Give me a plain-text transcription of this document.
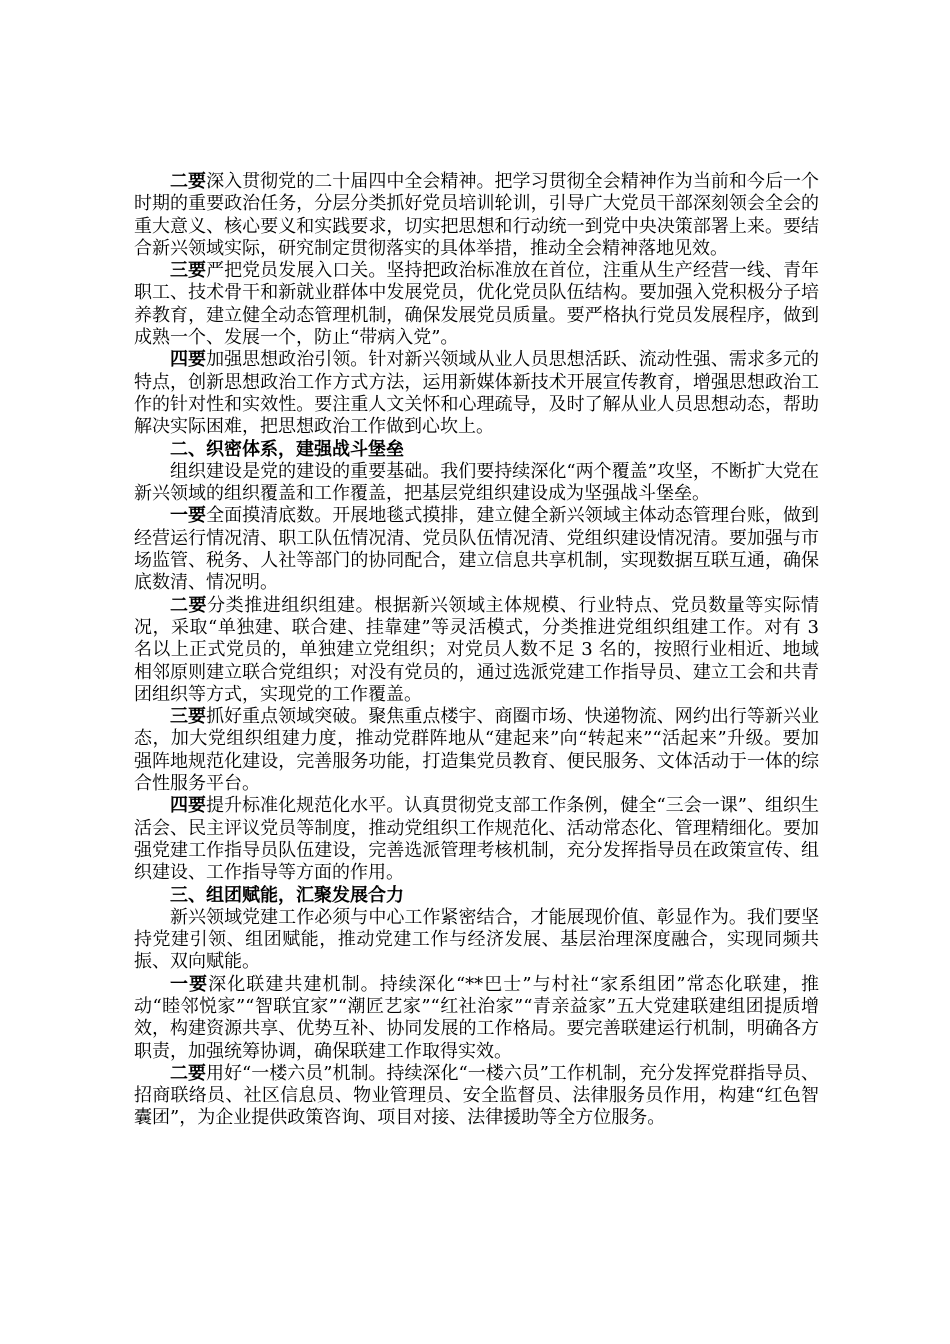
二要深入贯彻党的二十届四中全会精神。把学习贯彻全会精神作为当前和今后一个时期的重要政治任务，分层分类抓好党员培训轮训，引导广大党员干部深刻领会全会的重大意义、核心要义和实践要求，切实把思想和行动统一到党中央决策部署上来。要结合新兴领域实际，研究制定贯彻落实的具体举措，推动全会精神落地见效。

三要严把党员发展入口关。坚持把政治标准放在首位，注重从生产经营一线、青年职工、技术骨干和新就业群体中发展党员，优化党员队伍结构。要加强入党积极分子培养教育，建立健全动态管理机制，确保发展党员质量。要严格执行党员发展程序，做到成熟一个、发展一个，防止“带病入党”。

四要加强思想政治引领。针对新兴领域从业人员思想活跃、流动性强、需求多元的特点，创新思想政治工作方式方法，运用新媒体新技术开展宣传教育，增强思想政治工作的针对性和实效性。要注重人文关怀和心理疏导，及时了解从业人员思想动态，帮助解决实际困难，把思想政治工作做到心坎上。

二、织密体系，建强战斗堡垒

组织建设是党的建设的重要基础。我们要持续深化“两个覆盖”攻坚，不断扩大党在新兴领域的组织覆盖和工作覆盖，把基层党组织建设成为坚强战斗堡垒。

一要全面摸清底数。开展地毯式摸排，建立健全新兴领域主体动态管理台账，做到经营运行情况清、职工队伍情况清、党员队伍情况清、党组织建设情况清。要加强与市场监管、税务、人社等部门的协同配合，建立信息共享机制，实现数据互联互通，确保底数清、情况明。

二要分类推进组织组建。根据新兴领域主体规模、行业特点、党员数量等实际情况，采取“单独建、联合建、挂靠建”等灵活模式，分类推进党组织组建工作。对有 3 名以上正式党员的，单独建立党组织；对党员人数不足 3 名的，按照行业相近、地域相邻原则建立联合党组织；对没有党员的，通过选派党建工作指导员、建立工会和共青团组织等方式，实现党的工作覆盖。

三要抓好重点领域突破。聚焦重点楼宇、商圈市场、快递物流、网约出行等新兴业态，加大党组织组建力度，推动党群阵地从“建起来”向“转起来”“活起来”升级。要加强阵地规范化建设，完善服务功能，打造集党员教育、便民服务、文体活动于一体的综合性服务平台。

四要提升标准化规范化水平。认真贯彻党支部工作条例，健全“三会一课”、组织生活会、民主评议党员等制度，推动党组织工作规范化、活动常态化、管理精细化。要加强党建工作指导员队伍建设，完善选派管理考核机制，充分发挥指导员在政策宣传、组织建设、工作指导等方面的作用。

三、组团赋能，汇聚发展合力

新兴领域党建工作必须与中心工作紧密结合，才能展现价值、彰显作为。我们要坚持党建引领、组团赋能，推动党建工作与经济发展、基层治理深度融合，实现同频共振、双向赋能。

一要深化联建共建机制。持续深化“**巴士”与村社“家系组团”常态化联建，推动“睦邻悦家”“智联宜家”“潮匠艺家”“红社治家”“青亲益家”五大党建联建组团提质增效，构建资源共享、优势互补、协同发展的工作格局。要完善联建运行机制，明确各方职责，加强统筹协调，确保联建工作取得实效。

二要用好“一楼六员”机制。持续深化“一楼六员”工作机制，充分发挥党群指导员、招商联络员、社区信息员、物业管理员、安全监督员、法律服务员作用，构建“红色智囊团”，为企业提供政策咨询、项目对接、法律援助等全方位服务。
